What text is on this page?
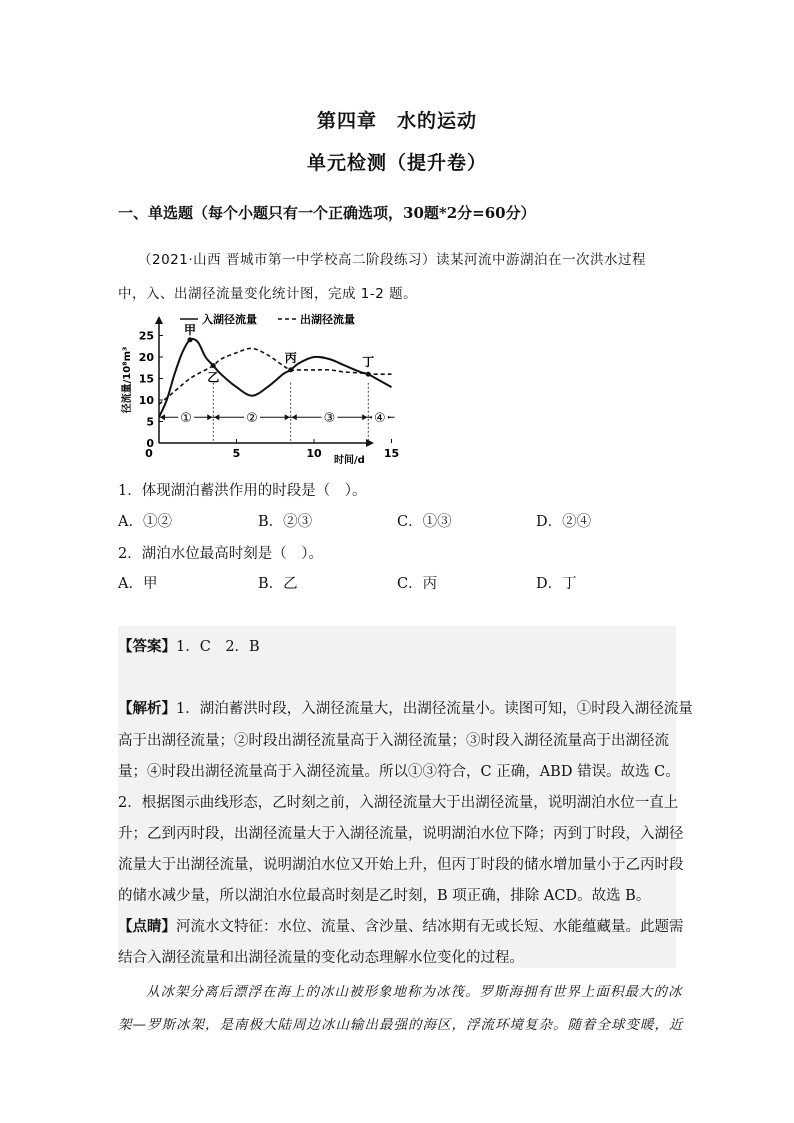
第四章　水的运动
单元检测（提升卷）
一、单选题（每个小题只有一个正确选项，30题*2分=60分）
（2021·山西 晋城市第一中学校高二阶段练习）读某河流中游湖泊在一次洪水过程
中，入、出湖径流量变化统计图，完成 1-2 题。
入湖径流量	出湖径流量
径流量/10⁸m³
时间/d
0
5
10
15
20
25
0	5	10	15
①	②	③	④
甲
乙
丙	丁
1．体现湖泊蓄洪作用的时段是（　）。
A．①②	B．②③	C．①③	D．②④
2．湖泊水位最高时刻是（　）。
A．甲	B．乙	C．丙	D．丁
【答案】1．C　2．B
【解析】1．湖泊蓄洪时段，入湖径流量大，出湖径流量小。读图可知，①时段入湖径流量
高于出湖径流量；②时段出湖径流量高于入湖径流量；③时段入湖径流量高于出湖径流
量；④时段出湖径流量高于入湖径流量。所以①③符合，C 正确，ABD 错误。故选 C。
2．根据图示曲线形态，乙时刻之前，入湖径流量大于出湖径流量，说明湖泊水位一直上
升；乙到丙时段，出湖径流量大于入湖径流量，说明湖泊水位下降；丙到丁时段，入湖径
流量大于出湖径流量，说明湖泊水位又开始上升，但丙丁时段的储水增加量小于乙丙时段
的储水减少量，所以湖泊水位最高时刻是乙时刻，B 项正确，排除 ACD。故选 B。
【点睛】河流水文特征：水位、流量、含沙量、结冰期有无或长短、水能蕴藏量。此题需
结合入湖径流量和出湖径流量的变化动态理解水位变化的过程。
从冰架分离后漂浮在海上的冰山被形象地称为冰筏。罗斯海拥有世界上面积最大的冰
架—罗斯冰架，是南极大陆周边冰山输出最强的海区，浮流环境复杂。随着全球变暖，近
